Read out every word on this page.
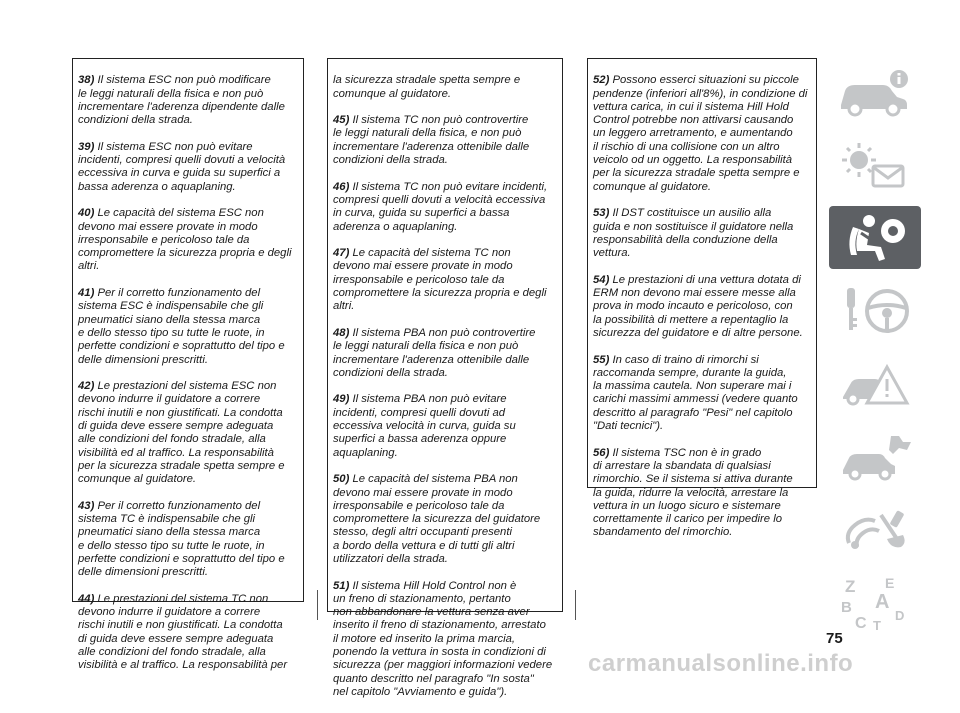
38) Il sistema ESC non può modificare
le leggi naturali della fisica e non può
incrementare l'aderenza dipendente dalle
condizioni della strada.

39) Il sistema ESC non può evitare
incidenti, compresi quelli dovuti a velocità
eccessiva in curva e guida su superfici a
bassa aderenza o aquaplaning.

40) Le capacità del sistema ESC non
devono mai essere provate in modo
irresponsabile e pericoloso tale da
compromettere la sicurezza propria e degli
altri.

41) Per il corretto funzionamento del
sistema ESC è indispensabile che gli
pneumatici siano della stessa marca
e dello stesso tipo su tutte le ruote, in
perfette condizioni e soprattutto del tipo e
delle dimensioni prescritti.

42) Le prestazioni del sistema ESC non
devono indurre il guidatore a correre
rischi inutili e non giustificati. La condotta
di guida deve essere sempre adeguata
alle condizioni del fondo stradale, alla
visibilità ed al traffico. La responsabilità
per la sicurezza stradale spetta sempre e
comunque al guidatore.

43) Per il corretto funzionamento del
sistema TC è indispensabile che gli
pneumatici siano della stessa marca
e dello stesso tipo su tutte le ruote, in
perfette condizioni e soprattutto del tipo e
delle dimensioni prescritti.

44) Le prestazioni del sistema TC non
devono indurre il guidatore a correre
rischi inutili e non giustificati. La condotta
di guida deve essere sempre adeguata
alle condizioni del fondo stradale, alla
visibilità e al traffico. La responsabilità per

la sicurezza stradale spetta sempre e
comunque al guidatore.

45) Il sistema TC non può controvertire
le leggi naturali della fisica, e non può
incrementare l'aderenza ottenibile dalle
condizioni della strada.

46) Il sistema TC non può evitare incidenti,
compresi quelli dovuti a velocità eccessiva
in curva, guida su superfici a bassa
aderenza o aquaplaning.

47) Le capacità del sistema TC non
devono mai essere provate in modo
irresponsabile e pericoloso tale da
compromettere la sicurezza propria e degli
altri.

48) Il sistema PBA non può controvertire
le leggi naturali della fisica e non può
incrementare l'aderenza ottenibile dalle
condizioni della strada.

49) Il sistema PBA non può evitare
incidenti, compresi quelli dovuti ad
eccessiva velocità in curva, guida su
superfici a bassa aderenza oppure
aquaplaning.

50) Le capacità del sistema PBA non
devono mai essere provate in modo
irresponsabile e pericoloso tale da
compromettere la sicurezza del guidatore
stesso, degli altri occupanti presenti
a bordo della vettura e di tutti gli altri
utilizzatori della strada.

51) Il sistema Hill Hold Control non è
un freno di stazionamento, pertanto
non abbandonare la vettura senza aver
inserito il freno di stazionamento, arrestato
il motore ed inserito la prima marcia,
ponendo la vettura in sosta in condizioni di
sicurezza (per maggiori informazioni vedere
quanto descritto nel paragrafo "In sosta"
nel capitolo "Avviamento e guida").

52) Possono esserci situazioni su piccole
pendenze (inferiori all'8%), in condizione di
vettura carica, in cui il sistema Hill Hold
Control potrebbe non attivarsi causando
un leggero arretramento, e aumentando
il rischio di una collisione con un altro
veicolo od un oggetto. La responsabilità
per la sicurezza stradale spetta sempre e
comunque al guidatore.

53) Il DST costituisce un ausilio alla
guida e non sostituisce il guidatore nella
responsabilità della conduzione della
vettura.

54) Le prestazioni di una vettura dotata di
ERM non devono mai essere messe alla
prova in modo incauto e pericoloso, con
la possibilità di mettere a repentaglio la
sicurezza del guidatore e di altre persone.

55) In caso di traino di rimorchi si
raccomanda sempre, durante la guida,
la massima cautela. Non superare mai i
carichi massimi ammessi (vedere quanto
descritto al paragrafo "Pesi" nel capitolo
"Dati tecnici").

56) Il sistema TSC non è in grado
di arrestare la sbandata di qualsiasi
rimorchio. Se il sistema si attiva durante
la guida, ridurre la velocità, arrestare la
vettura in un luogo sicuro e sistemare
correttamente il carico per impedire lo
sbandamento del rimorchio.

Z E
B A
C T
D
75
carmanualsonline.info
